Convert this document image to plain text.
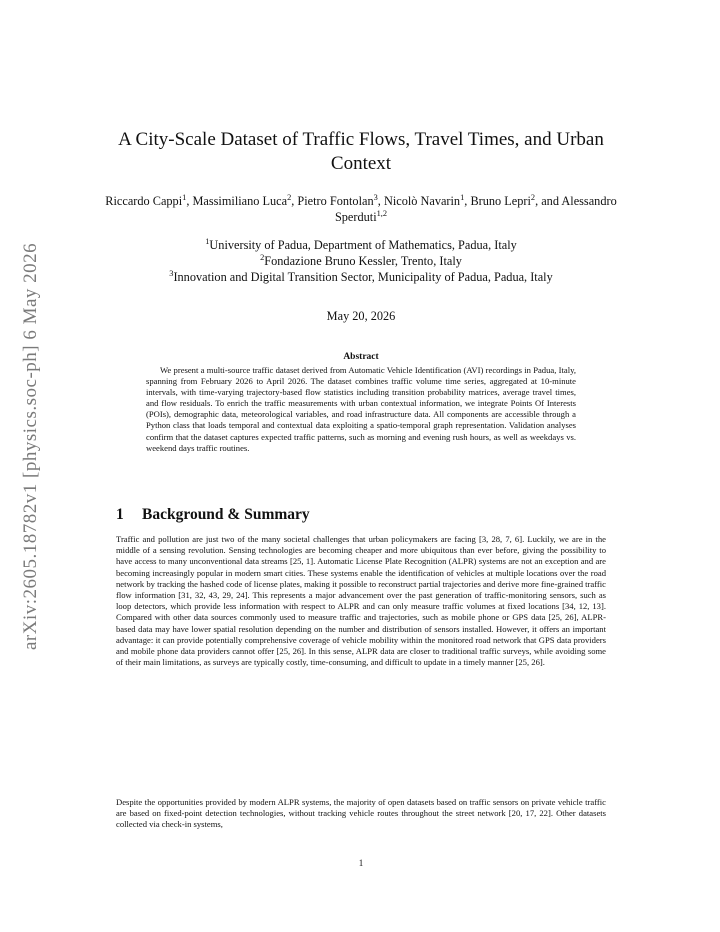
arXiv:2605.18782v1 [physics.soc-ph] 6 May 2026
A City-Scale Dataset of Traffic Flows, Travel Times, and Urban Context
Riccardo Cappi$^1$, Massimiliano Luca$^2$, Pietro Fontolan$^3$, Nicolò Navarin$^1$, Bruno Lepri$^2$, and Alessandro Sperduti$^{1,2}$
$^1$University of Padua, Department of Mathematics, Padua, Italy
$^2$Fondazione Bruno Kessler, Trento, Italy
$^3$Innovation and Digital Transition Sector, Municipality of Padua, Padua, Italy
May 20, 2026
Abstract

We present a multi-source traffic dataset derived from Automatic Vehicle Identification (AVI) recordings in Padua, Italy, spanning from February 2026 to April 2026. The dataset combines traffic volume time series, aggregated at 10-minute intervals, with time-varying trajectory-based flow statistics including transition probability matrices, average travel times, and flow residuals. To enrich the traffic measurements with urban contextual information, we integrate Points Of Interests (POIs), demographic data, meteorological variables, and road infrastructure data. All components are accessible through a Python class that loads temporal and contextual data exploiting a spatio-temporal graph representation. Validation analyses confirm that the dataset captures expected traffic patterns, such as morning and evening rush hours, as well as weekdays vs. weekend days traffic routines.

1 Background & Summary

Traffic and pollution are just two of the many societal challenges that urban policymakers are facing [3, 28, 7, 6]. Luckily, we are in the middle of a sensing revolution. Sensing technologies are becoming cheaper and more ubiquitous than ever before, giving the possibility to have access to many unconventional data streams [25, 1]. Automatic License Plate Recognition (ALPR) systems are not an exception and are becoming increasingly popular in modern smart cities. These systems enable the identification of vehicles at multiple locations over the road network by tracking the hashed code of license plates, making it possible to reconstruct partial trajectories and derive more fine-grained traffic flow information [31, 32, 43, 29, 24]. This represents a major advancement over the past generation of traffic-monitoring sensors, such as loop detectors, which provide less information with respect to ALPR and can only measure traffic volumes at fixed locations [34, 12, 13]. Compared with other data sources commonly used to measure traffic and trajectories, such as mobile phone or GPS data [25, 26], ALPR-based data may have lower spatial resolution depending on the number and distribution of sensors installed. However, it offers an important advantage: it can provide potentially comprehensive coverage of vehicle mobility within the monitored road network that GPS data providers and mobile phone data providers cannot offer [25, 26]. In this sense, ALPR data are closer to traditional traffic surveys, while avoiding some of their main limitations, as surveys are typically costly, time-consuming, and difficult to update in a timely manner [25, 26].

Despite the opportunities provided by modern ALPR systems, the majority of open datasets based on traffic sensors on private vehicle traffic are based on fixed-point detection technologies, without tracking vehicle routes throughout the street network [20, 17, 22]. Other datasets collected via check-in systems,

1
